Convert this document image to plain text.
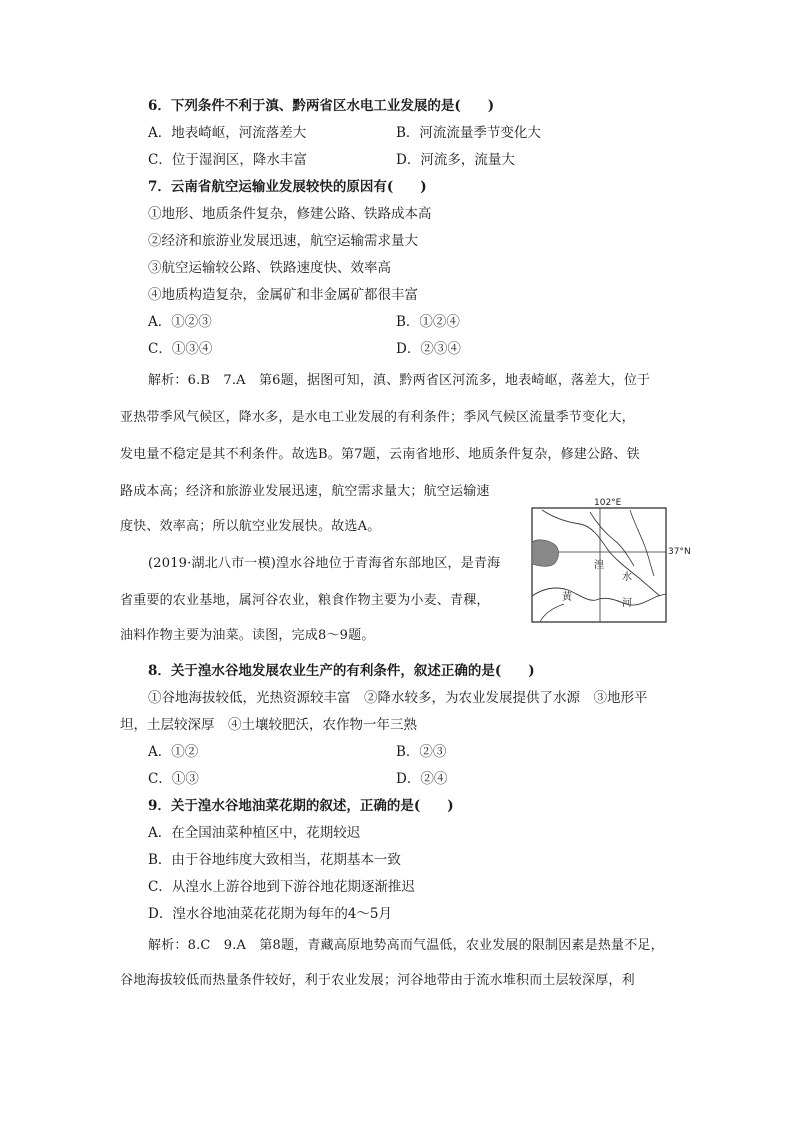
6．下列条件不利于滇、黔两省区水电工业发展的是(　　)
A．地表崎岖，河流落差大	B．河流流量季节变化大
C．位于湿润区，降水丰富	D．河流多，流量大
7．云南省航空运输业发展较快的原因有(　　)
①地形、地质条件复杂，修建公路、铁路成本高
②经济和旅游业发展迅速，航空运输需求量大
③航空运输较公路、铁路速度快、效率高
④地质构造复杂，金属矿和非金属矿都很丰富
A．①②③	B．①②④
C．①③④	D．②③④
解析：6.B　7.A　第6题，据图可知，滇、黔两省区河流多，地表崎岖，落差大，位于
亚热带季风气候区，降水多，是水电工业发展的有利条件；季风气候区流量季节变化大，
发电量不稳定是其不利条件。故选B。第7题，云南省地形、地质条件复杂，修建公路、铁
路成本高；经济和旅游业发展迅速，航空需求量大；航空运输速
度快、效率高；所以航空业发展快。故选A。
(2019·湖北八市一模)湟水谷地位于青海省东部地区，是青海
省重要的农业基地，属河谷农业，粮食作物主要为小麦、青稞，
油料作物主要为油菜。读图，完成8～9题。
102°E
37°N
湟
水
黄
河
8．关于湟水谷地发展农业生产的有利条件，叙述正确的是(　　)
①谷地海拔较低，光热资源较丰富　②降水较多，为农业发展提供了水源　③地形平
坦，土层较深厚　④土壤较肥沃，农作物一年三熟
A．①②	B．②③
C．①③	D．②④
9．关于湟水谷地油菜花期的叙述，正确的是(　　)
A．在全国油菜种植区中，花期较迟
B．由于谷地纬度大致相当，花期基本一致
C．从湟水上游谷地到下游谷地花期逐渐推迟
D．湟水谷地油菜花花期为每年的4～5月
解析：8.C　9.A　第8题，青藏高原地势高而气温低，农业发展的限制因素是热量不足，
谷地海拔较低而热量条件较好，利于农业发展；河谷地带由于流水堆积而土层较深厚，利
